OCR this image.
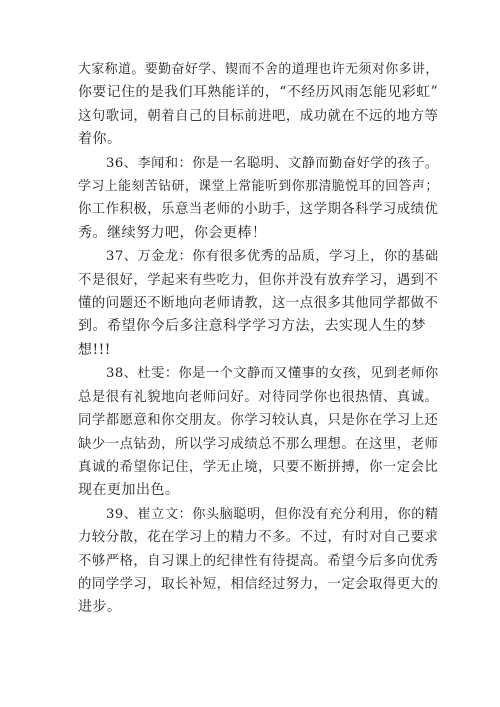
大家称道。要勤奋好学、锲而不舍的道理也许无须对你多讲，
你要记住的是我们耳熟能详的，“不经历风雨怎能见彩虹”
这句歌词，朝着自己的目标前进吧，成功就在不远的地方等
着你。

36、李闻和：你是一名聪明、文静而勤奋好学的孩子。
学习上能刻苦钻研，课堂上常能听到你那清脆悦耳的回答声；
你工作积极，乐意当老师的小助手，这学期各科学习成绩优
秀。继续努力吧，你会更棒！

37、万金龙：你有很多优秀的品质，学习上，你的基础
不是很好，学起来有些吃力，但你并没有放弃学习，遇到不
懂的问题还不断地向老师请教，这一点很多其他同学都做不
到。希望你今后多注意科学学习方法，去实现人生的梦
想!!!

38、杜雯：你是一个文静而又懂事的女孩，见到老师你
总是很有礼貌地向老师问好。对待同学你也很热情、真诚。
同学都愿意和你交朋友。你学习较认真，只是你在学习上还
缺少一点钻劲，所以学习成绩总不那么理想。在这里，老师
真诚的希望你记住，学无止境，只要不断拼搏，你一定会比
现在更加出色。

39、崔立文：你头脑聪明，但你没有充分利用，你的精
力较分散，花在学习上的精力不多。不过，有时对自己要求
不够严格，自习课上的纪律性有待提高。希望今后多向优秀
的同学学习，取长补短，相信经过努力，一定会取得更大的
进步。
